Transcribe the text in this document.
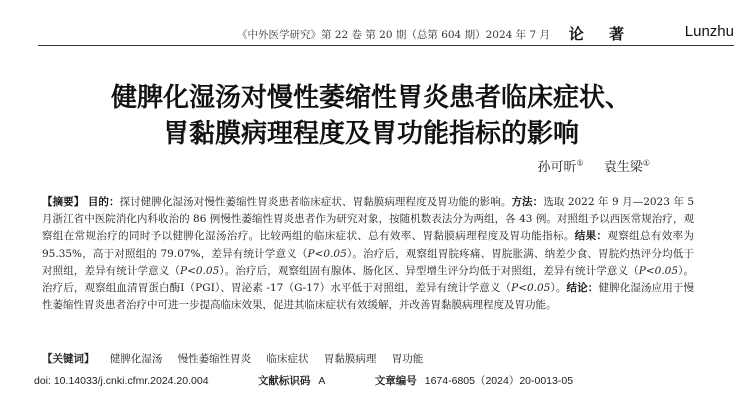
《中外医学研究》第 22 卷 第 20 期（总第 604 期）2024 年 7 月 论 著	Lunzhu
健脾化湿汤对慢性萎缩性胃炎患者临床症状、
胃黏膜病理程度及胃功能指标的影响
孙可昕① 袁生梁①
【摘要】 目的：探讨健脾化湿汤对慢性萎缩性胃炎患者临床症状、胃黏膜病理程度及胃功能的影响。方法：选取 2022 年 9 月—2023 年 5 月浙江省中医院消化内科收治的 86 例慢性萎缩性胃炎患者作为研究对象，按随机数表法分为两组，各 43 例。对照组予以西医常规治疗，观察组在常规治疗的同时予以健脾化湿汤治疗。比较两组的临床症状、总有效率、胃黏膜病理程度及胃功能指标。结果：观察组总有效率为 95.35%，高于对照组的 79.07%，差异有统计学意义（P<0.05）。治疗后，观察组胃脘疼痛、胃脘胀满、纳差少食、胃脘灼热评分均低于对照组，差异有统计学意义（P<0.05）。治疗后，观察组固有腺体、肠化区、异型增生评分均低于对照组，差异有统计学意义（P<0.05）。治疗后，观察组血清胃蛋白酶Ⅰ（PGⅠ）、胃泌素 -17（G-17）水平低于对照组，差异有统计学意义（P<0.05）。结论：健脾化湿汤应用于慢性萎缩性胃炎患者治疗中可进一步提高临床效果，促进其临床症状有效缓解，并改善胃黏膜病理程度及胃功能。
【关键词】 健脾化湿汤 慢性萎缩性胃炎 临床症状 胃黏膜病理 胃功能
doi: 10.14033/j.cnki.cfmr.2024.20.004	文献标识码 A	文章编号 1674-6805（2024）20-0013-05
